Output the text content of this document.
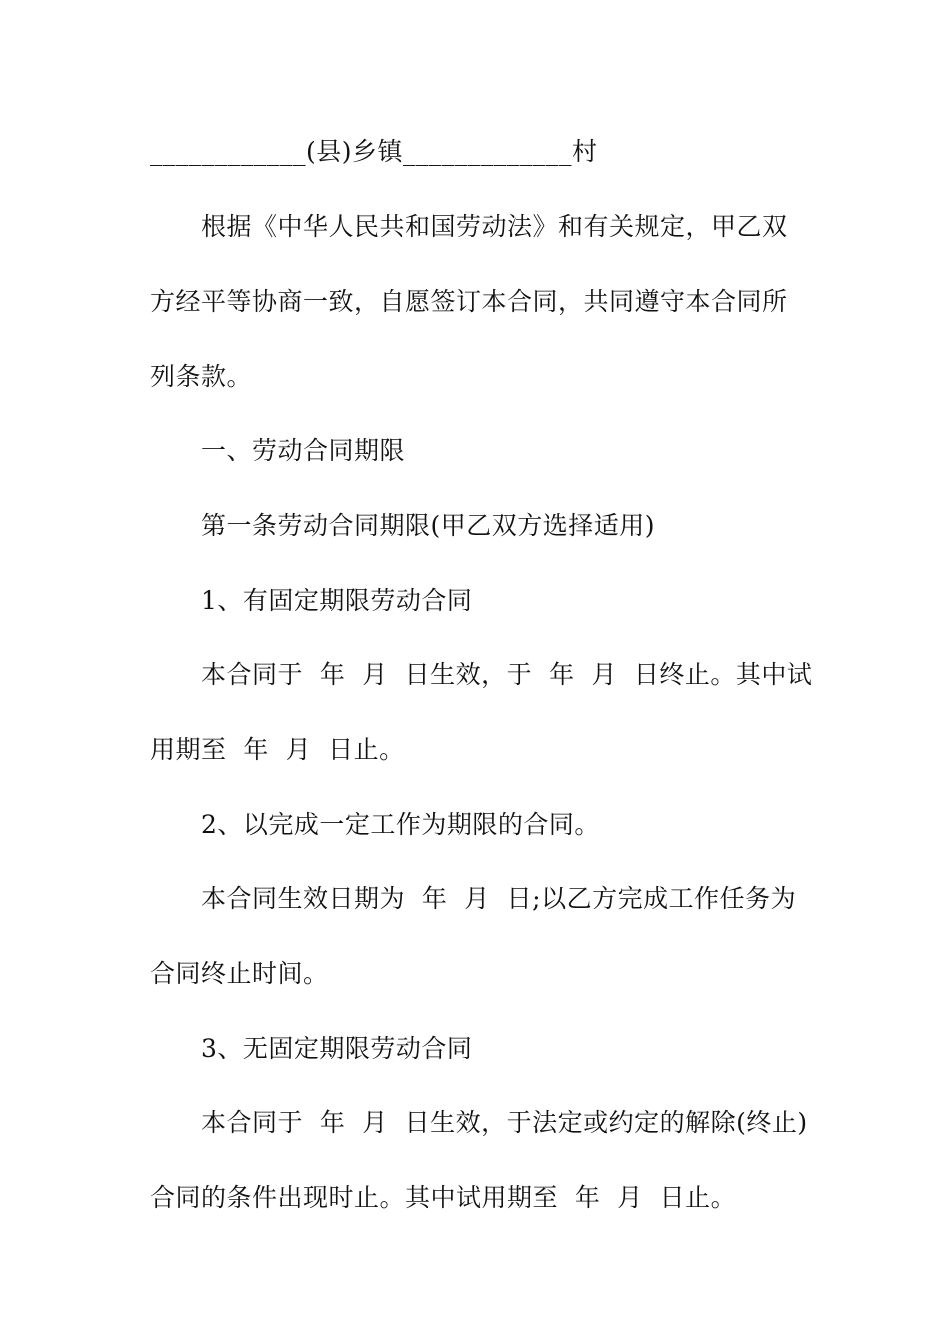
____________(县)乡镇_____________村
根据《中华人民共和国劳动法》和有关规定，甲乙双
方经平等协商一致，自愿签订本合同，共同遵守本合同所
列条款。
一、劳动合同期限
第一条劳动合同期限(甲乙双方选择适用)
1、有固定期限劳动合同
本合同于  年  月  日生效，于  年  月  日终止。其中试
用期至  年  月  日止。
2、以完成一定工作为期限的合同。
本合同生效日期为  年  月  日;以乙方完成工作任务为
合同终止时间。
3、无固定期限劳动合同
本合同于  年  月  日生效，于法定或约定的解除(终止)
合同的条件出现时止。其中试用期至  年  月  日止。
